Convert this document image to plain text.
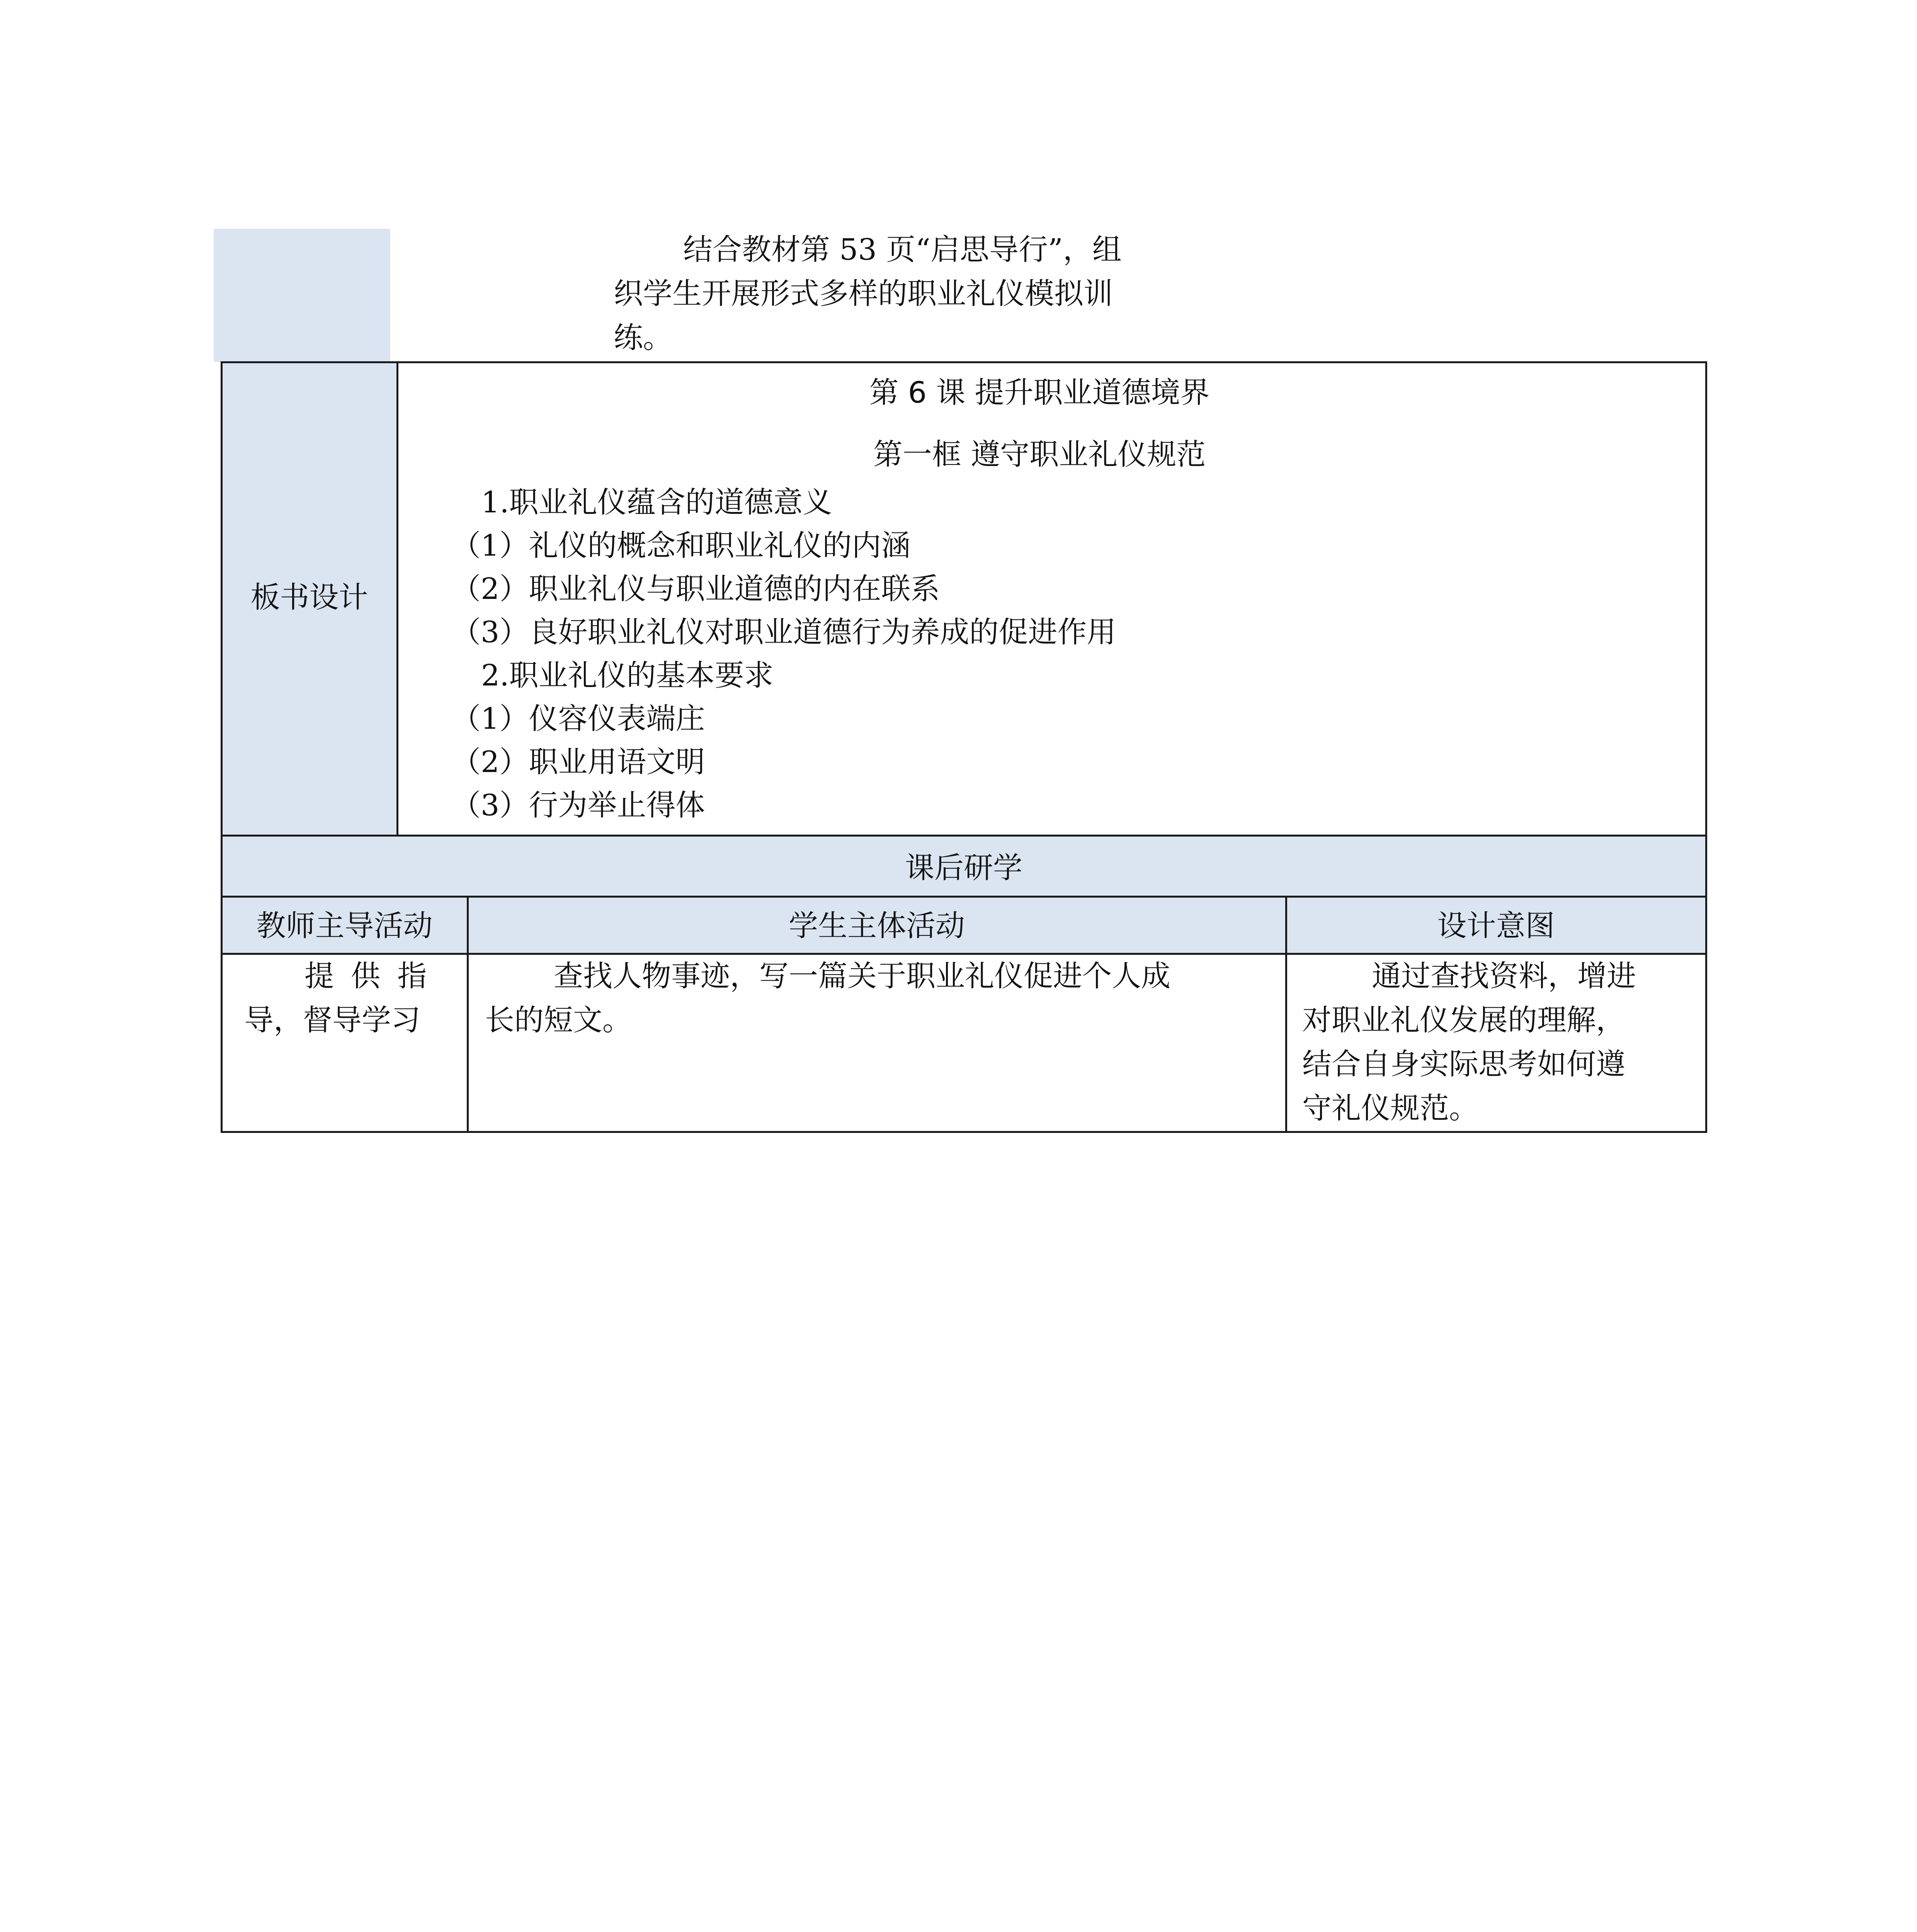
结合教材第 53 页“启思导行”，组
织学生开展形式多样的职业礼仪模拟训
练。
板书设计
第 6 课 提升职业道德境界
第一框 遵守职业礼仪规范
1.职业礼仪蕴含的道德意义
（1）礼仪的概念和职业礼仪的内涵
（2）职业礼仪与职业道德的内在联系
（3）良好职业礼仪对职业道德行为养成的促进作用
2.职业礼仪的基本要求
（1）仪容仪表端庄
（2）职业用语文明
（3）行为举止得体
课后研学
教师主导活动	学生主体活动	设计意图
提 供 指
导，督导学习
查找人物事迹，写一篇关于职业礼仪促进个人成
长的短文。
通过查找资料，增进
对职业礼仪发展的理解，
结合自身实际思考如何遵
守礼仪规范。
